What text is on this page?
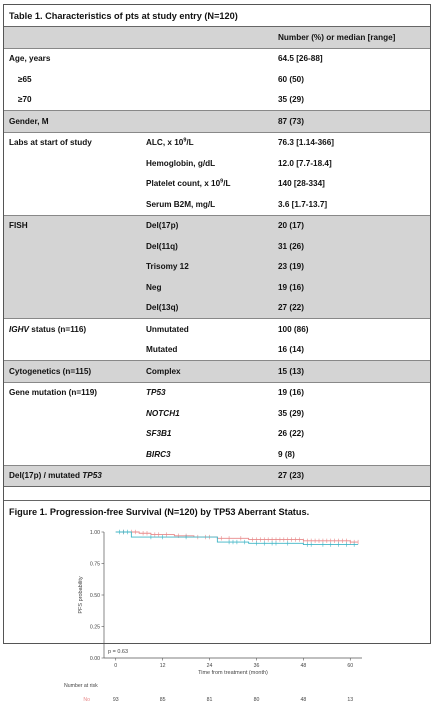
Table 1. Characteristics of pts at study entry (N=120)
		Number (%) or median [range]
Age, years		64.5 [26-88]
≥65		60 (50)
≥70		35 (29)
Gender, M		87 (73)
Labs at start of study	ALC, x $10^9/L$	76.3 [1.14-366]
	Hemoglobin, g/dL	12.0 [7.7-18.4]
	Platelet count, x $10^9/L$	140 [28-334]
	Serum B2M, mg/L	3.6 [1.7-13.7]
FISH	Del(17p)	20 (17)
	Del(11q)	31 (26)
	Trisomy 12	23 (19)
	Neg	19 (16)
	Del(13q)	27 (22)
IGHV status (n=116)	Unmutated	100 (86)
	Mutated	16 (14)
Cytogenetics (n=115)	Complex	15 (13)
Gene mutation (n=119)	TP53	19 (16)
	NOTCH1	35 (29)
	SF3B1	26 (22)
	BIRC3	9 (8)
Del(17p) / mutated TP53		27 (23)
Figure 1. Progression-free Survival (N=120) by TP53 Aberrant Status.
0.00
0.25
0.50
0.75
1.00
0	12	24	36	48	60
Time from treatment (month)
PFS probability
p = 0.63
Number at risk
No	93	85	81	80	48	13
